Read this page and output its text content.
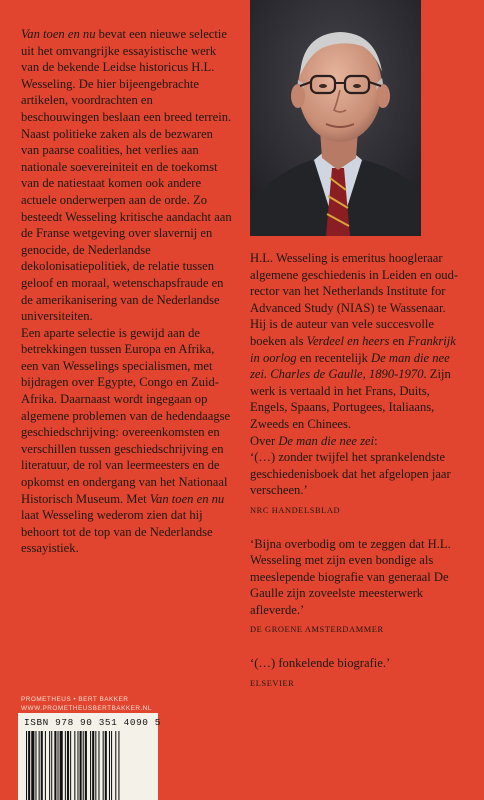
Van toen en nu bevat een nieuwe selectie uit het omvangrijke essayistische werk van de bekende Leidse historicus H.L. Wesseling. De hier bijeengebrachte artikelen, voordrachten en beschouwingen beslaan een breed terrein. Naast politieke zaken als de bezwaren van paarse coalities, het verlies aan nationale soevereiniteit en de toekomst van de natiestaat komen ook andere actuele onderwerpen aan de orde. Zo besteedt Wesseling kritische aandacht aan de Franse wetgeving over slavernij en genocide, de Nederlandse dekolonisatiepolitiek, de relatie tussen geloof en moraal, wetenschapsfraude en de amerikanisering van de Nederlandse universiteiten.

Een aparte selectie is gewijd aan de betrekkingen tussen Europa en Afrika, een van Wesselings specialismen, met bijdragen over Egypte, Congo en Zuid-Afrika. Daarnaast wordt ingegaan op algemene problemen van de hedendaagse geschiedschrijving: overeenkomsten en verschillen tussen geschiedschrijving en literatuur, de rol van leermeesters en de opkomst en ondergang van het Nationaal Historisch Museum. Met Van toen en nu laat Wesseling wederom zien dat hij behoort tot de top van de Nederlandse essayistiek.

H.L. Wesseling is emeritus hoogleraar algemene geschiedenis in Leiden en oud-rector van het Netherlands Institute for Advanced Study (NIAS) te Wassenaar. Hij is de auteur van vele succesvolle boeken als Verdeel en heers en Frankrijk in oorlog en recentelijk De man die nee zei. Charles de Gaulle, 1890-1970. Zijn werk is vertaald in het Frans, Duits, Engels, Spaans, Portugees, Italiaans, Zweeds en Chinees.

Over De man die nee zei:

‘(…) zonder twijfel het sprankelendste geschiedenisboek dat het afgelopen jaar verscheen.’

NRC HANDELSBLAD

‘Bijna overbodig om te zeggen dat H.L. Wesseling met zijn even bondige als meeslepende biografie van generaal De Gaulle zijn zoveelste meesterwerk afleverde.’

DE GROENE AMSTERDAMMER

‘(…) fonkelende biografie.’

ELSEVIER
PROMETHEUS • BERT BAKKER
WWW.PROMETHEUSBERTBAKKER.NL
ISBN 978 90 351 4090 5
